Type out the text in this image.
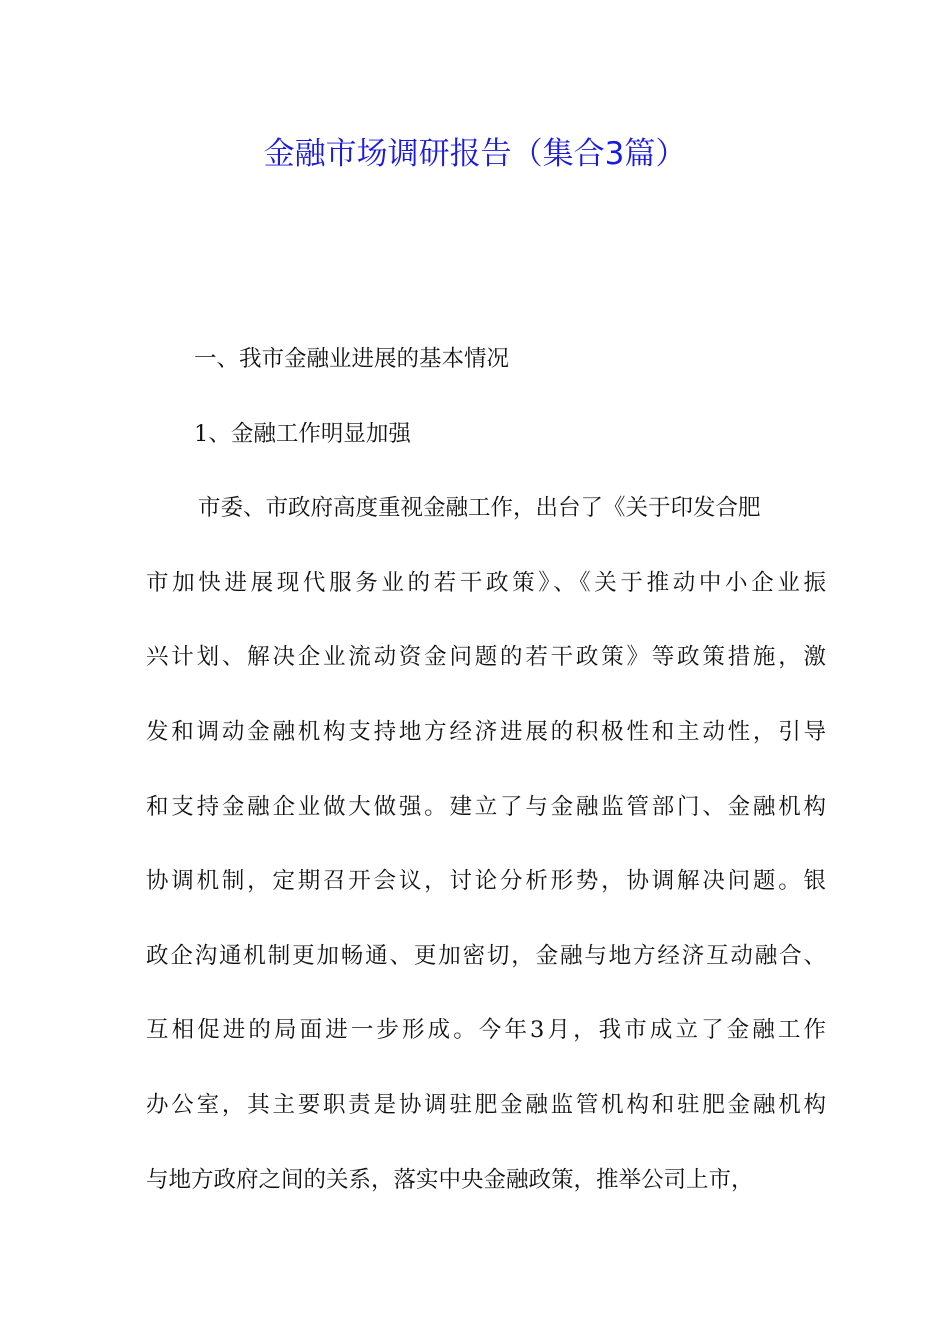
金融市场调研报告（集合3篇）

一、我市金融业进展的基本情况

1、金融工作明显加强

市委、市政府高度重视金融工作，出台了《关于印发合肥

市加快进展现代服务业的若干政策》、《关于推动中小企业振

兴计划、解决企业流动资金问题的若干政策》等政策措施，激

发和调动金融机构支持地方经济进展的积极性和主动性，引导

和支持金融企业做大做强。建立了与金融监管部门、金融机构

协调机制，定期召开会议，讨论分析形势，协调解决问题。银

政企沟通机制更加畅通、更加密切，金融与地方经济互动融合、

互相促进的局面进一步形成。今年3月，我市成立了金融工作

办公室，其主要职责是协调驻肥金融监管机构和驻肥金融机构

与地方政府之间的关系，落实中央金融政策，推举公司上市，
